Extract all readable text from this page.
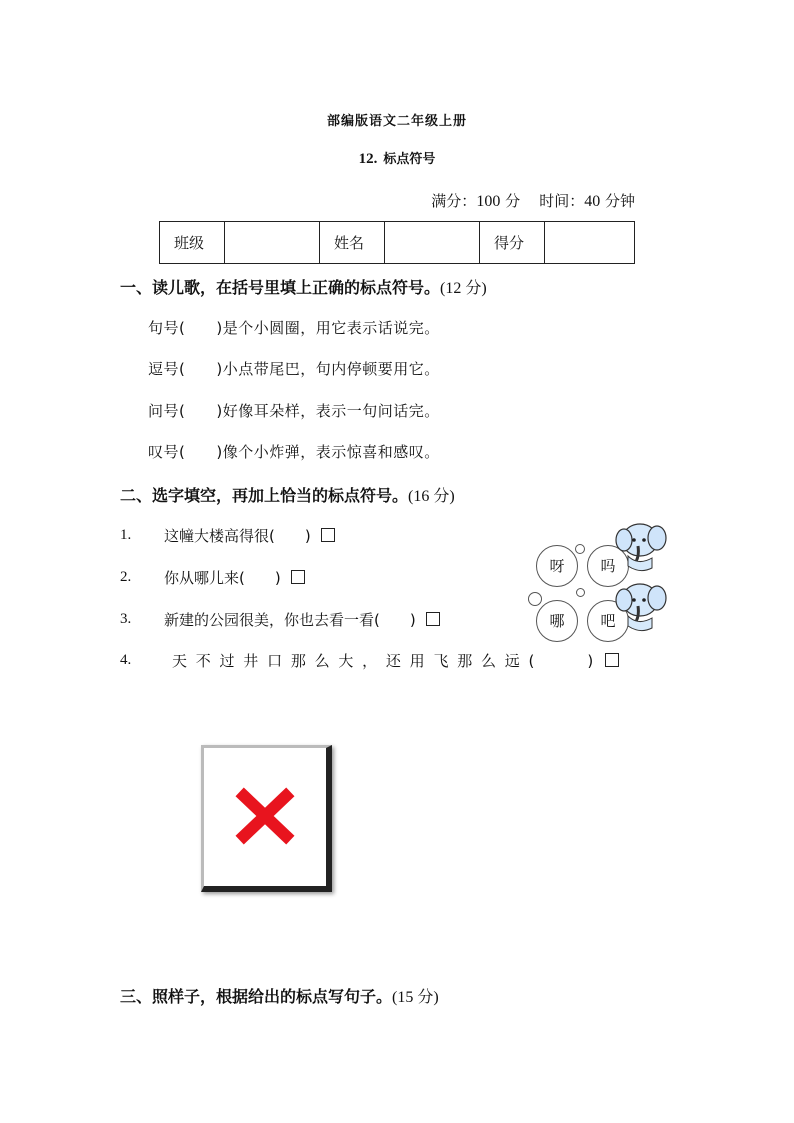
部编版语文二年级上册
12. 标点符号
满分：100 分 时间：40 分钟
班级		姓名		得分	
一、读儿歌，在括号里填上正确的标点符号。(12 分)
句号(　　)是个小圆圈，用它表示话说完。
逗号(　　)小点带尾巴，句内停顿要用它。
问号(　　)好像耳朵样，表示一句问话完。
叹号(　　)像个小炸弹，表示惊喜和感叹。
二、选字填空，再加上恰当的标点符号。(16 分)
1. 这幢大楼高得很(　　)
2. 你从哪儿来(　　)
3. 新建的公园很美，你也去看一看(　　)
4.	天 不 过 井 口 那 么 大 ， 还 用 飞 那 么 远 (　　　)
呀	吗
哪	吧
三、照样子，根据给出的标点写句子。(15 分)
